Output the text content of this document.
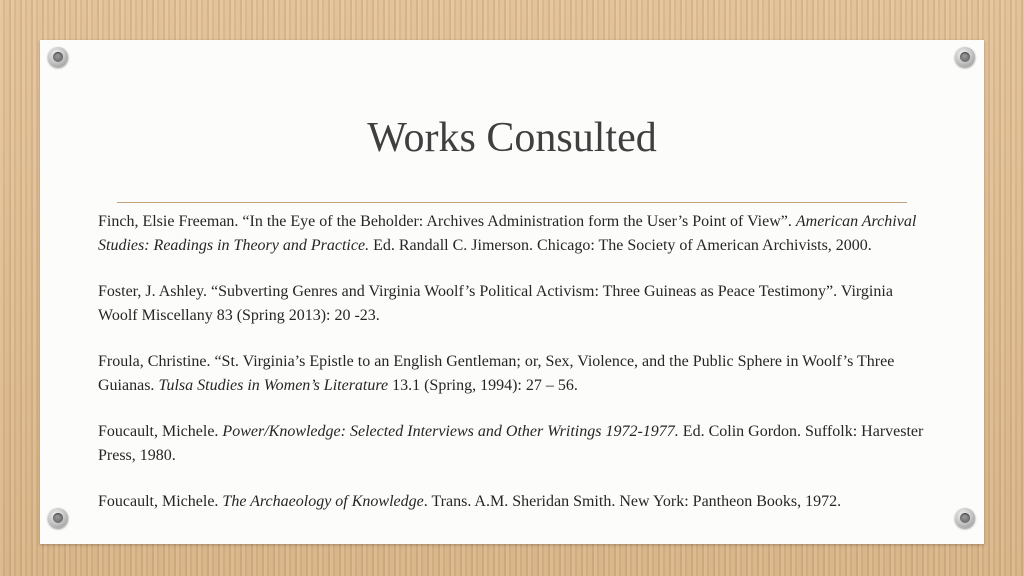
Works Consulted

Finch, Elsie Freeman. “In the Eye of the Beholder: Archives Administration form the User’s Point of View”. American Archival Studies: Readings in Theory and Practice. Ed. Randall C. Jimerson. Chicago: The Society of American Archivists, 2000.

Foster, J. Ashley. “Subverting Genres and Virginia Woolf’s Political Activism: Three Guineas as Peace Testimony”. Virginia Woolf Miscellany 83 (Spring 2013): 20 -23.

Froula, Christine. “St. Virginia’s Epistle to an English Gentleman; or, Sex, Violence, and the Public Sphere in Woolf’s Three Guianas. Tulsa Studies in Women’s Literature 13.1 (Spring, 1994): 27 – 56.

Foucault, Michele. Power/Knowledge: Selected Interviews and Other Writings 1972-1977. Ed. Colin Gordon. Suffolk: Harvester Press, 1980.

Foucault, Michele. The Archaeology of Knowledge. Trans. A.M. Sheridan Smith. New York: Pantheon Books, 1972.
